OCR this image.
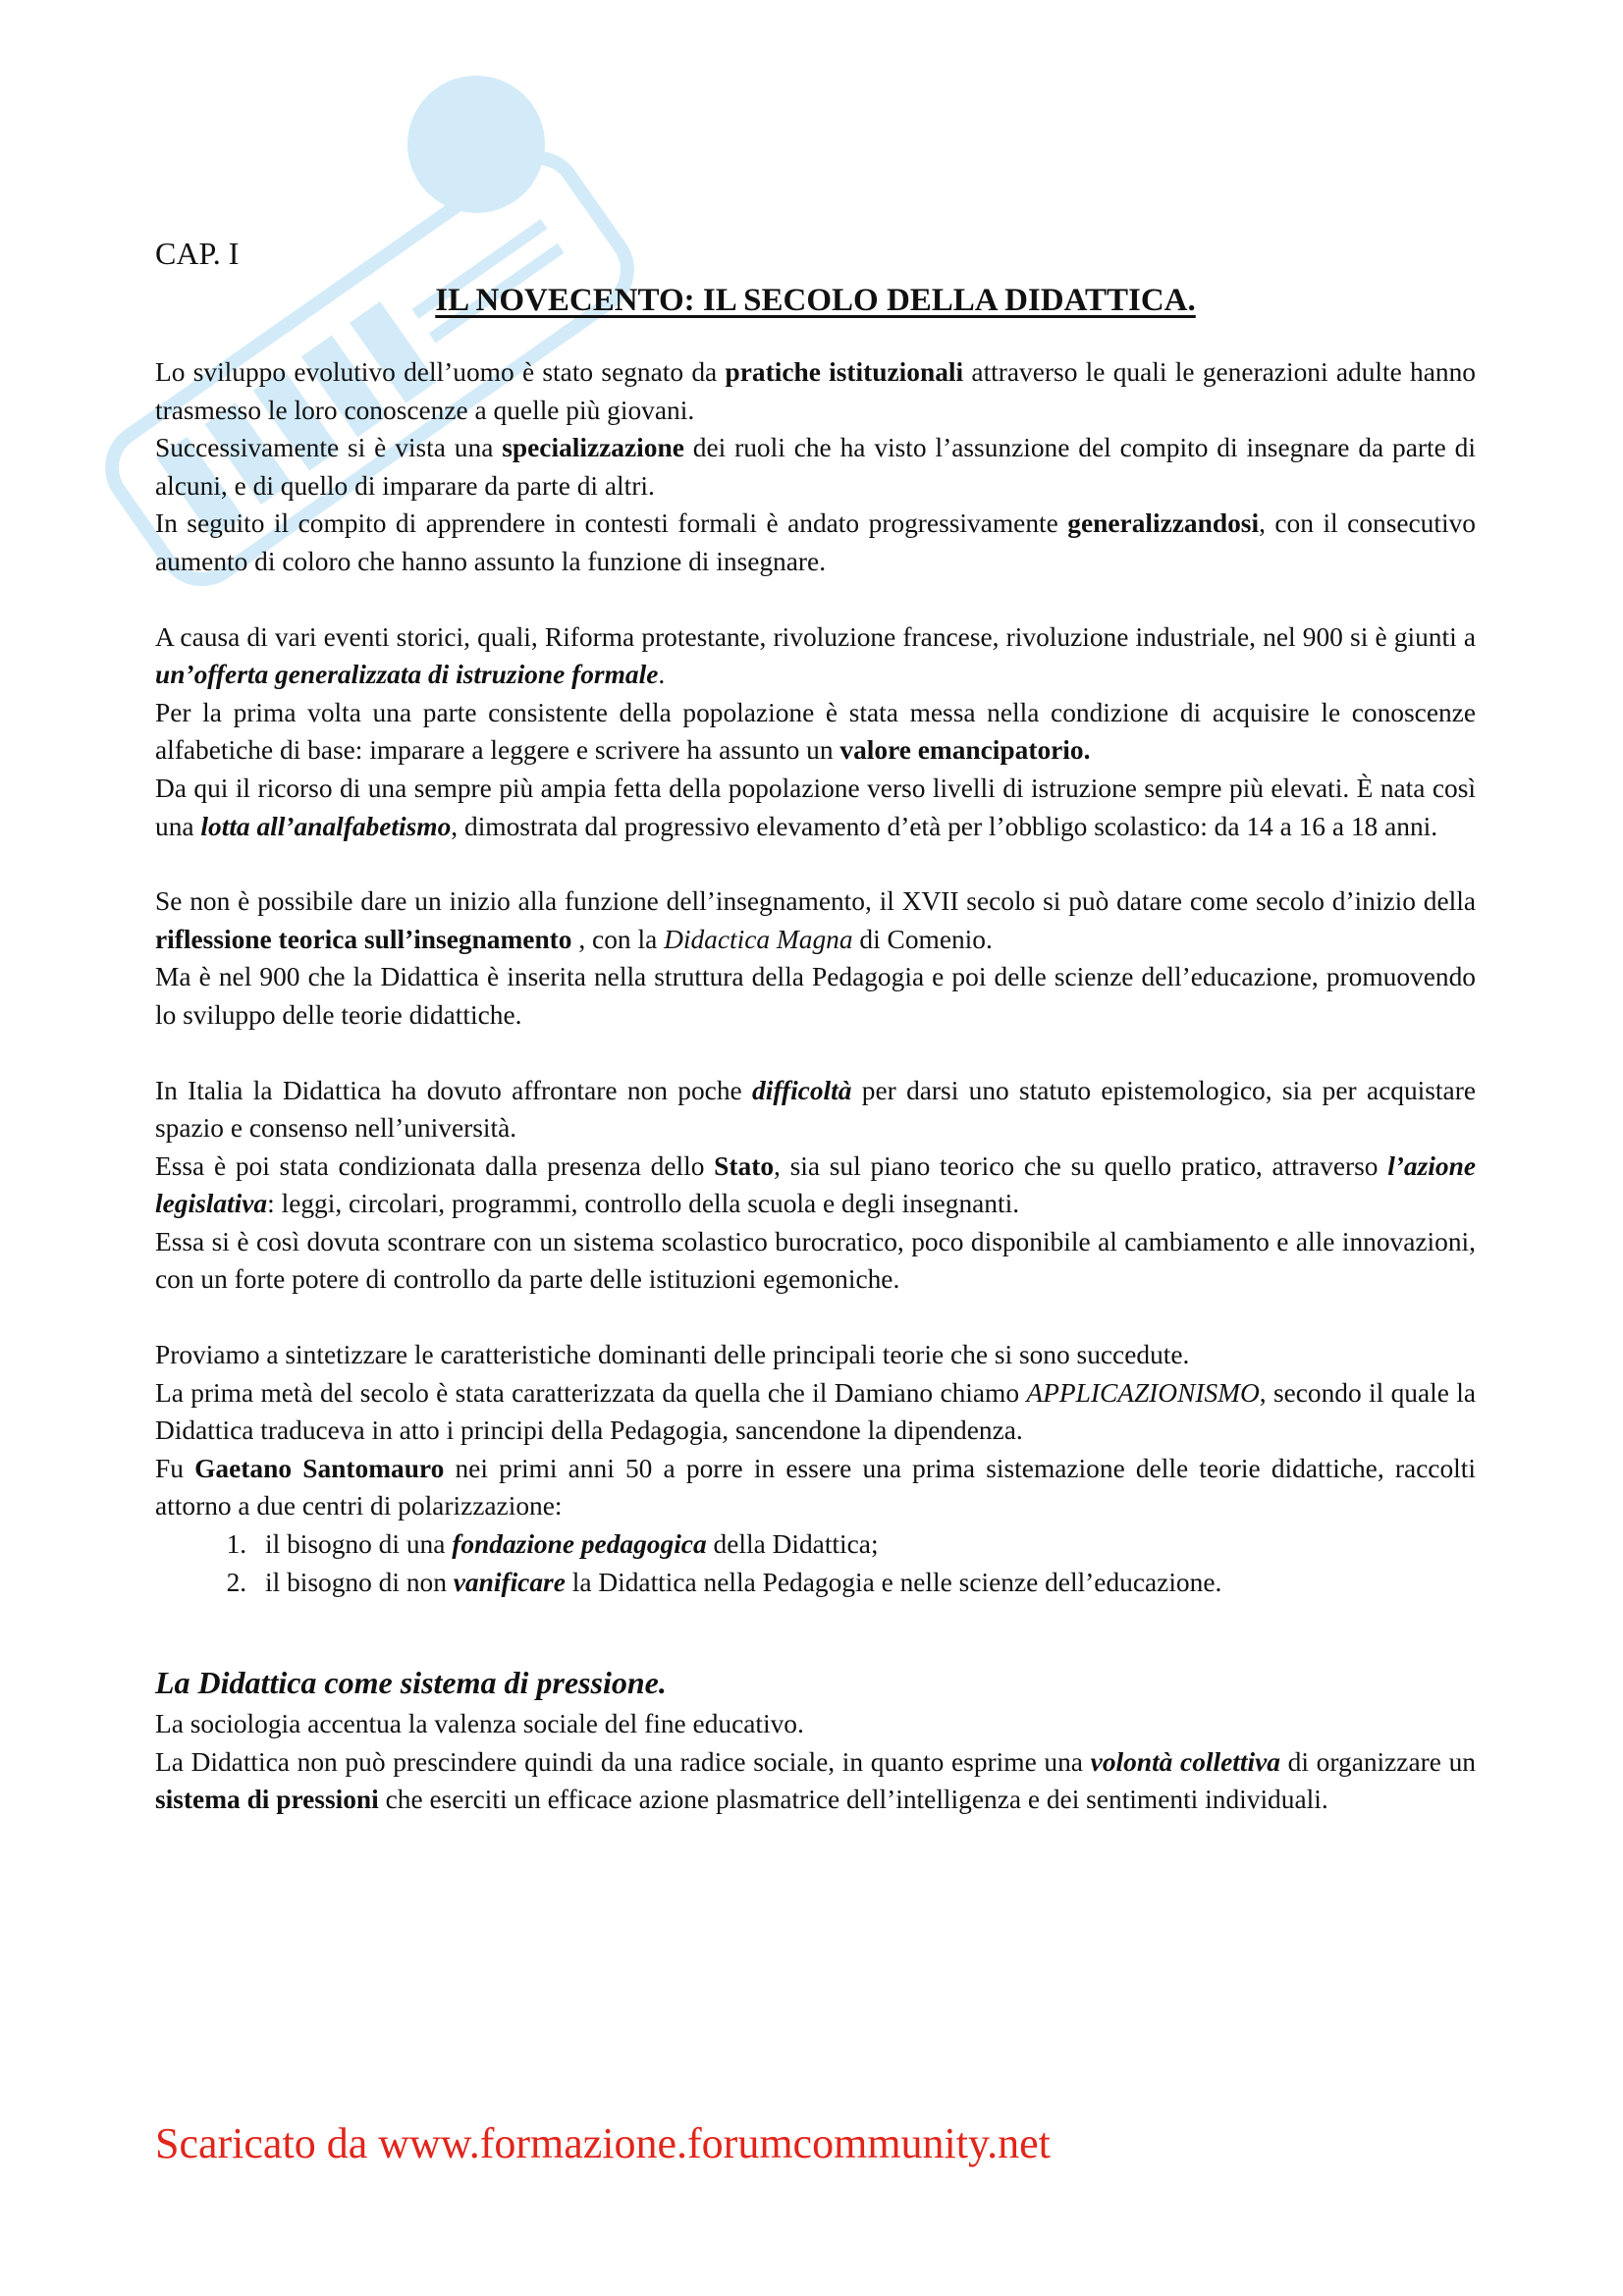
CAP. I
IL NOVECENTO: IL SECOLO DELLA DIDATTICA.

Lo sviluppo evolutivo dell’uomo è stato segnato da pratiche istituzionali attraverso le quali le generazioni adulte hanno trasmesso le loro conoscenze a quelle più giovani.

Successivamente si è vista una specializzazione dei ruoli che ha visto l’assunzione del compito di insegnare da parte di alcuni, e di quello di imparare da parte di altri.

In seguito il compito di apprendere in contesti formali è andato progressivamente generalizzandosi, con il consecutivo aumento di coloro che hanno assunto la funzione di insegnare.

A causa di vari eventi storici, quali, Riforma protestante, rivoluzione francese, rivoluzione industriale, nel 900 si è giunti a un’offerta generalizzata di istruzione formale.

Per la prima volta una parte consistente della popolazione è stata messa nella condizione di acquisire le conoscenze alfabetiche di base: imparare a leggere e scrivere ha assunto un valore emancipatorio.

Da qui il ricorso di una sempre più ampia fetta della popolazione verso livelli di istruzione sempre più elevati. È nata così una lotta all’analfabetismo, dimostrata dal progressivo elevamento d’età per l’obbligo scolastico: da 14 a 16 a 18 anni.

Se non è possibile dare un inizio alla funzione dell’insegnamento, il XVII secolo si può datare come secolo d’inizio della riflessione teorica sull’insegnamento , con la Didactica Magna di Comenio.

Ma è nel 900 che la Didattica è inserita nella struttura della Pedagogia e poi delle scienze dell’educazione, promuovendo lo sviluppo delle teorie didattiche.

In Italia la Didattica ha dovuto affrontare non poche difficoltà per darsi uno statuto epistemologico, sia per acquistare spazio e consenso nell’università.

Essa è poi stata condizionata dalla presenza dello Stato, sia sul piano teorico che su quello pratico, attraverso l’azione legislativa: leggi, circolari, programmi, controllo della scuola e degli insegnanti.

Essa si è così dovuta scontrare con un sistema scolastico burocratico, poco disponibile al cambiamento e alle innovazioni, con un forte potere di controllo da parte delle istituzioni egemoniche.

Proviamo a sintetizzare le caratteristiche dominanti delle principali teorie che si sono succedute.

La prima metà del secolo è stata caratterizzata da quella che il Damiano chiamo APPLICAZIONISMO, secondo il quale la Didattica traduceva in atto i principi della Pedagogia, sancendone la dipendenza.

Fu Gaetano Santomauro nei primi anni 50 a porre in essere una prima sistemazione delle teorie didattiche, raccolti attorno a due centri di polarizzazione:

1. il bisogno di una fondazione pedagogica della Didattica;
2. il bisogno di non vanificare la Didattica nella Pedagogia e nelle scienze dell’educazione.
La Didattica come sistema di pressione.

La sociologia accentua la valenza sociale del fine educativo.

La Didattica non può prescindere quindi da una radice sociale, in quanto esprime una volontà collettiva di organizzare un sistema di pressioni che eserciti un efficace azione plasmatrice dell’intelligenza e dei sentimenti individuali.

Scaricato da www.formazione.forumcommunity.net
